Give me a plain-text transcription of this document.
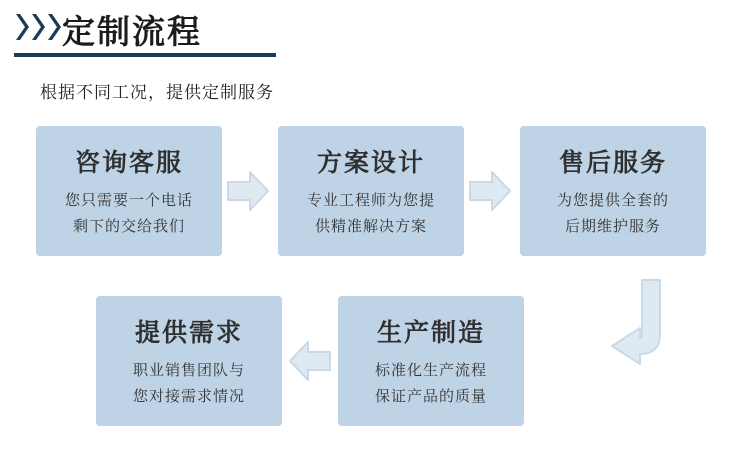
定制流程
根据不同工况，提供定制服务
咨询客服
您只需要一个电话
剩下的交给我们
方案设计
专业工程师为您提
供精准解决方案
售后服务
为您提供全套的
后期维护服务
生产制造
标准化生产流程
保证产品的质量
提供需求
职业销售团队与
您对接需求情况
